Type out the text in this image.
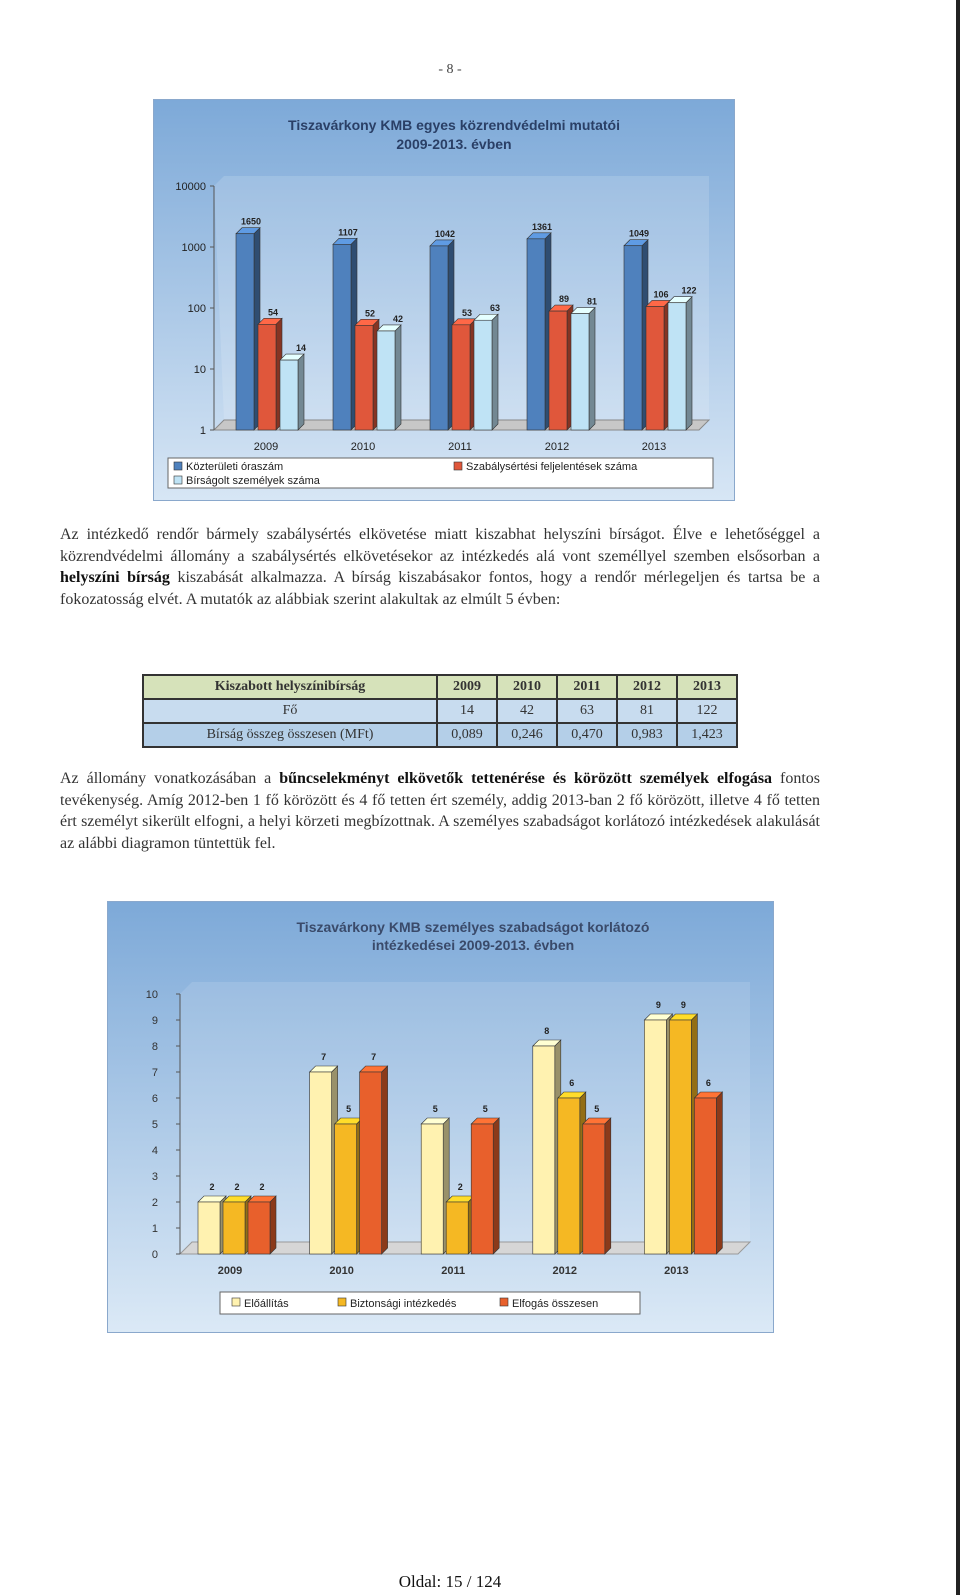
- 8 -
Tiszavárkony KMB egyes közrendvédelmi mutatói
2009-2013. évben
1
10
100
1000
10000
2009	2010	2011	2012	2013
1650
54
14
1107
52
42
1042
53 63
1361
89 81
1049
106 122
Közterületi óraszám	Szabálysértési feljelentések száma
Bírságolt személyek száma
Az intézkedő rendőr bármely szabálysértés elkövetése miatt kiszabhat helyszíni bírságot. Élve e lehetőséggel a közrendvédelmi állomány a szabálysértés elkövetésekor az intézkedés alá vont személlyel szemben elsősorban a helyszíni bírság kiszabását alkalmazza. A bírság kiszabásakor fontos, hogy a rendőr mérlegeljen és tartsa be a fokozatosság elvét. A mutatók az alábbiak szerint alakultak az elmúlt 5 évben:
Kiszabott helyszínibírság	2009	2010	2011	2012	2013
Fő	14	42	63	81	122
Bírság összeg összesen (MFt)	0,089	0,246	0,470	0,983	1,423
Az állomány vonatkozásában a bűncselekményt elkövetők tettenérése és körözött személyek elfogása fontos tevékenység. Amíg 2012-ben 1 fő körözött és 4 fő tetten ért személy, addig 2013-ban 2 fő körözött, illetve 4 fő tetten ért személyt sikerült elfogni, a helyi körzeti megbízottnak. A személyes szabadságot korlátozó intézkedések alakulását az alábbi diagramon tüntettük fel.
Tiszavárkony KMB személyes szabadságot korlátozó
intézkedései 2009-2013. évben
0
1
2
3
4
5
6
7
8
9
10
2009	2010	2011	2012	2013
2 2 2
7
5
7
5
2
5
8
6
5
9 9
6
Előállítás	Biztonsági intézkedés	Elfogás összesen
Oldal: 15 / 124
